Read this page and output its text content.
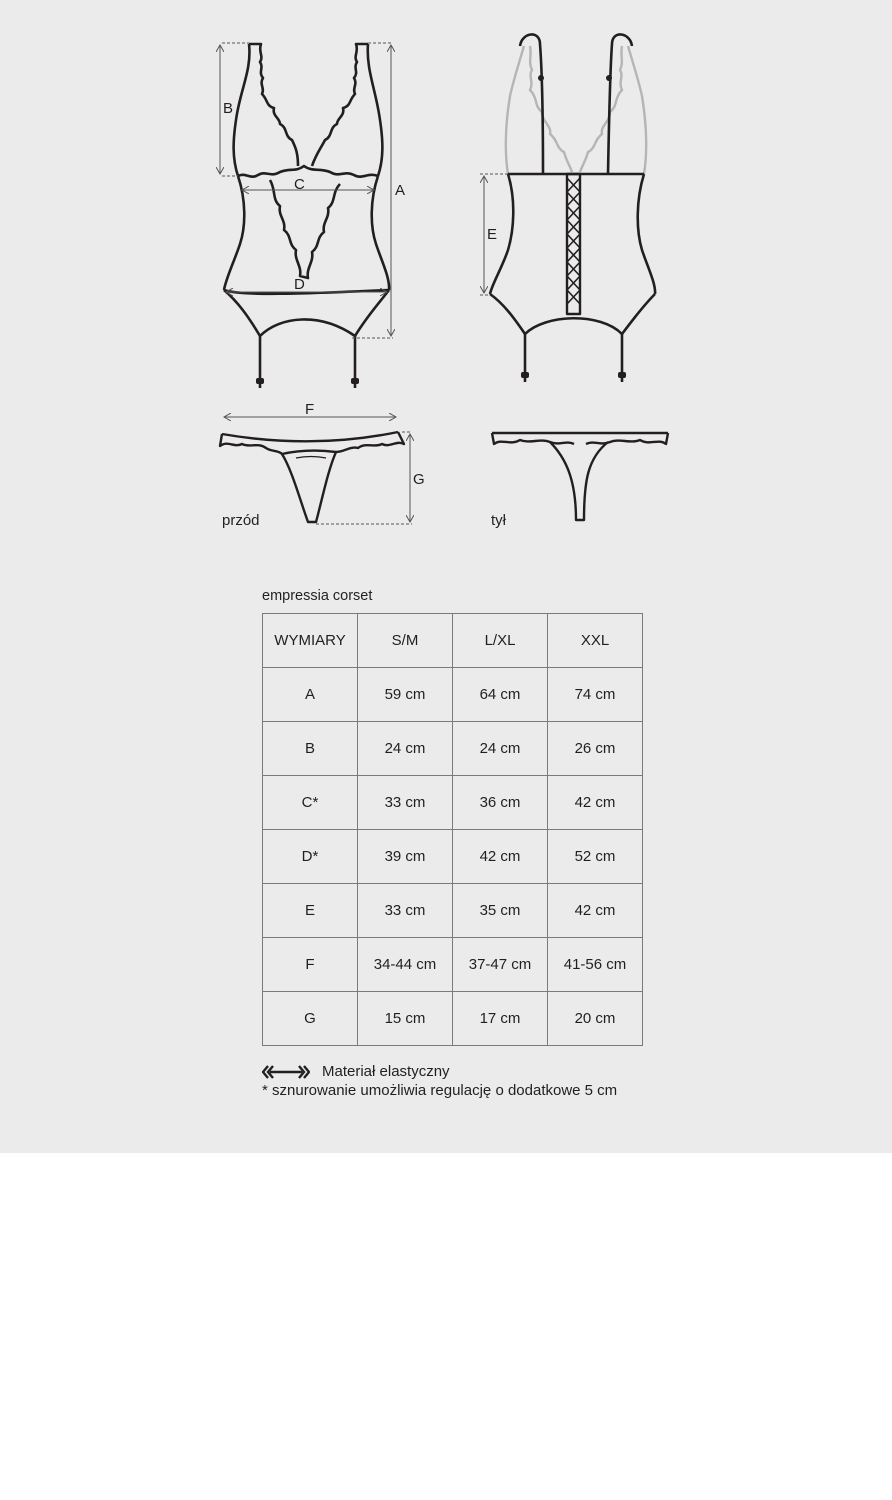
B
C	A
D
E
F
G
przód	tył
empressia corset
WYMIARY	S/M	L/XL	XXL
A	59 cm	64 cm	74 cm
B	24 cm	24 cm	26 cm
C*	33 cm	36 cm	42 cm
D*	39 cm	42 cm	52 cm
E	33 cm	35 cm	42 cm
F	34-44 cm	37-47 cm	41-56 cm
G	15 cm	17 cm	20 cm
Materiał elastyczny
* sznurowanie umożliwia regulację o dodatkowe 5 cm
